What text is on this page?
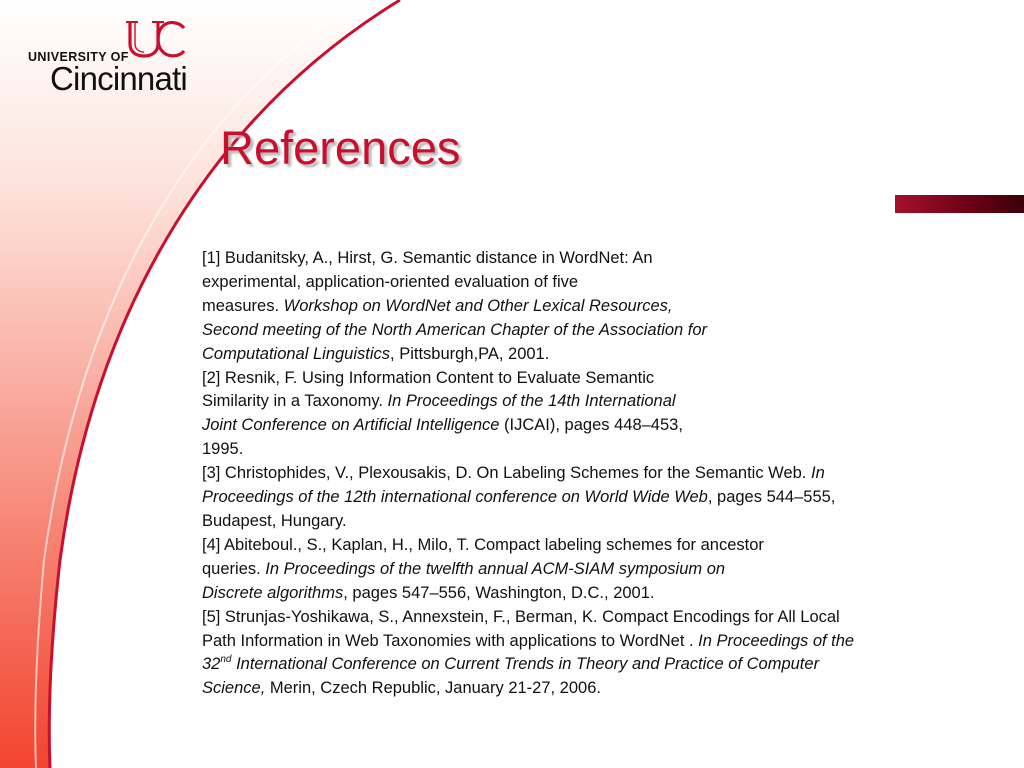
UNIVERSITY OF
Cincinnati
References
[1] Budanitsky, A., Hirst, G. Semantic distance in WordNet: An
experimental, application-oriented evaluation of five
measures. Workshop on WordNet and Other Lexical Resources,
Second meeting of the North American Chapter of the Association for
Computational Linguistics, Pittsburgh,PA, 2001.
[2] Resnik, F. Using Information Content to Evaluate Semantic
Similarity in a Taxonomy. In Proceedings of the 14th International
Joint Conference on Artificial Intelligence (IJCAI), pages 448–453,
1995.
[3] Christophides, V., Plexousakis, D. On Labeling Schemes for the Semantic Web. In
Proceedings of the 12th international conference on World Wide Web, pages 544–555,
Budapest, Hungary.
[4] Abiteboul., S., Kaplan, H., Milo, T. Compact labeling schemes for ancestor
queries. In Proceedings of the twelfth annual ACM-SIAM symposium on
Discrete algorithms, pages 547–556, Washington, D.C., 2001.
[5] Strunjas-Yoshikawa, S., Annexstein, F., Berman, K. Compact Encodings for All Local
Path Information in Web Taxonomies with applications to WordNet . In Proceedings of the
32nd International Conference on Current Trends in Theory and Practice of Computer
Science, Merin, Czech Republic, January 21-27, 2006.
